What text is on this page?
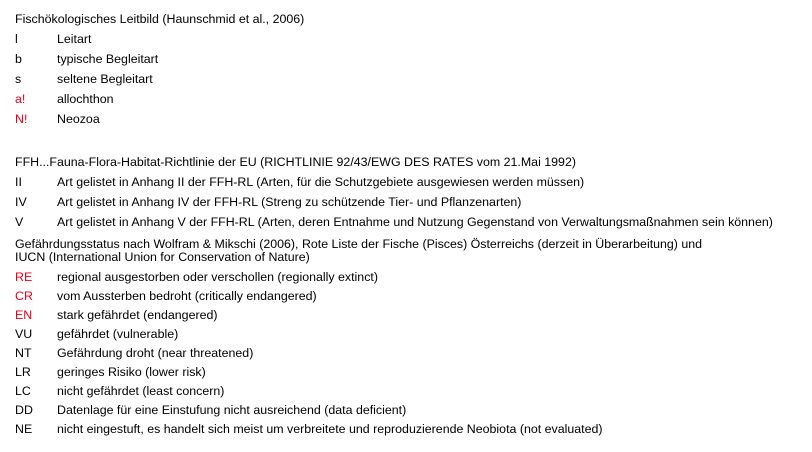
Fischökologisches Leitbild (Haunschmid et al., 2006)
l	Leitart
b	typische Begleitart
s	seltene Begleitart
a!	allochthon
N!	Neozoa
FFH...Fauna-Flora-Habitat-Richtlinie der EU (RICHTLINIE 92/43/EWG DES RATES vom 21.Mai 1992)
II	Art gelistet in Anhang II der FFH-RL (Arten, für die Schutzgebiete ausgewiesen werden müssen)
IV	Art gelistet in Anhang IV der FFH-RL (Streng zu schützende Tier- und Pflanzenarten)
V	Art gelistet in Anhang V der FFH-RL (Arten, deren Entnahme und Nutzung Gegenstand von Verwaltungsmaßnahmen sein können)
Gefährdungsstatus nach Wolfram & Mikschi (2006), Rote Liste der Fische (Pisces) Österreichs (derzeit in Überarbeitung) und
IUCN (International Union for Conservation of Nature)
RE	regional ausgestorben oder verschollen (regionally extinct)
CR	vom Aussterben bedroht (critically endangered)
EN	stark gefährdet (endangered)
VU	gefährdet (vulnerable)
NT	Gefährdung droht (near threatened)
LR	geringes Risiko (lower risk)
LC	nicht gefährdet (least concern)
DD	Datenlage für eine Einstufung nicht ausreichend (data deficient)
NE	nicht eingestuft, es handelt sich meist um verbreitete und reproduzierende Neobiota (not evaluated)
